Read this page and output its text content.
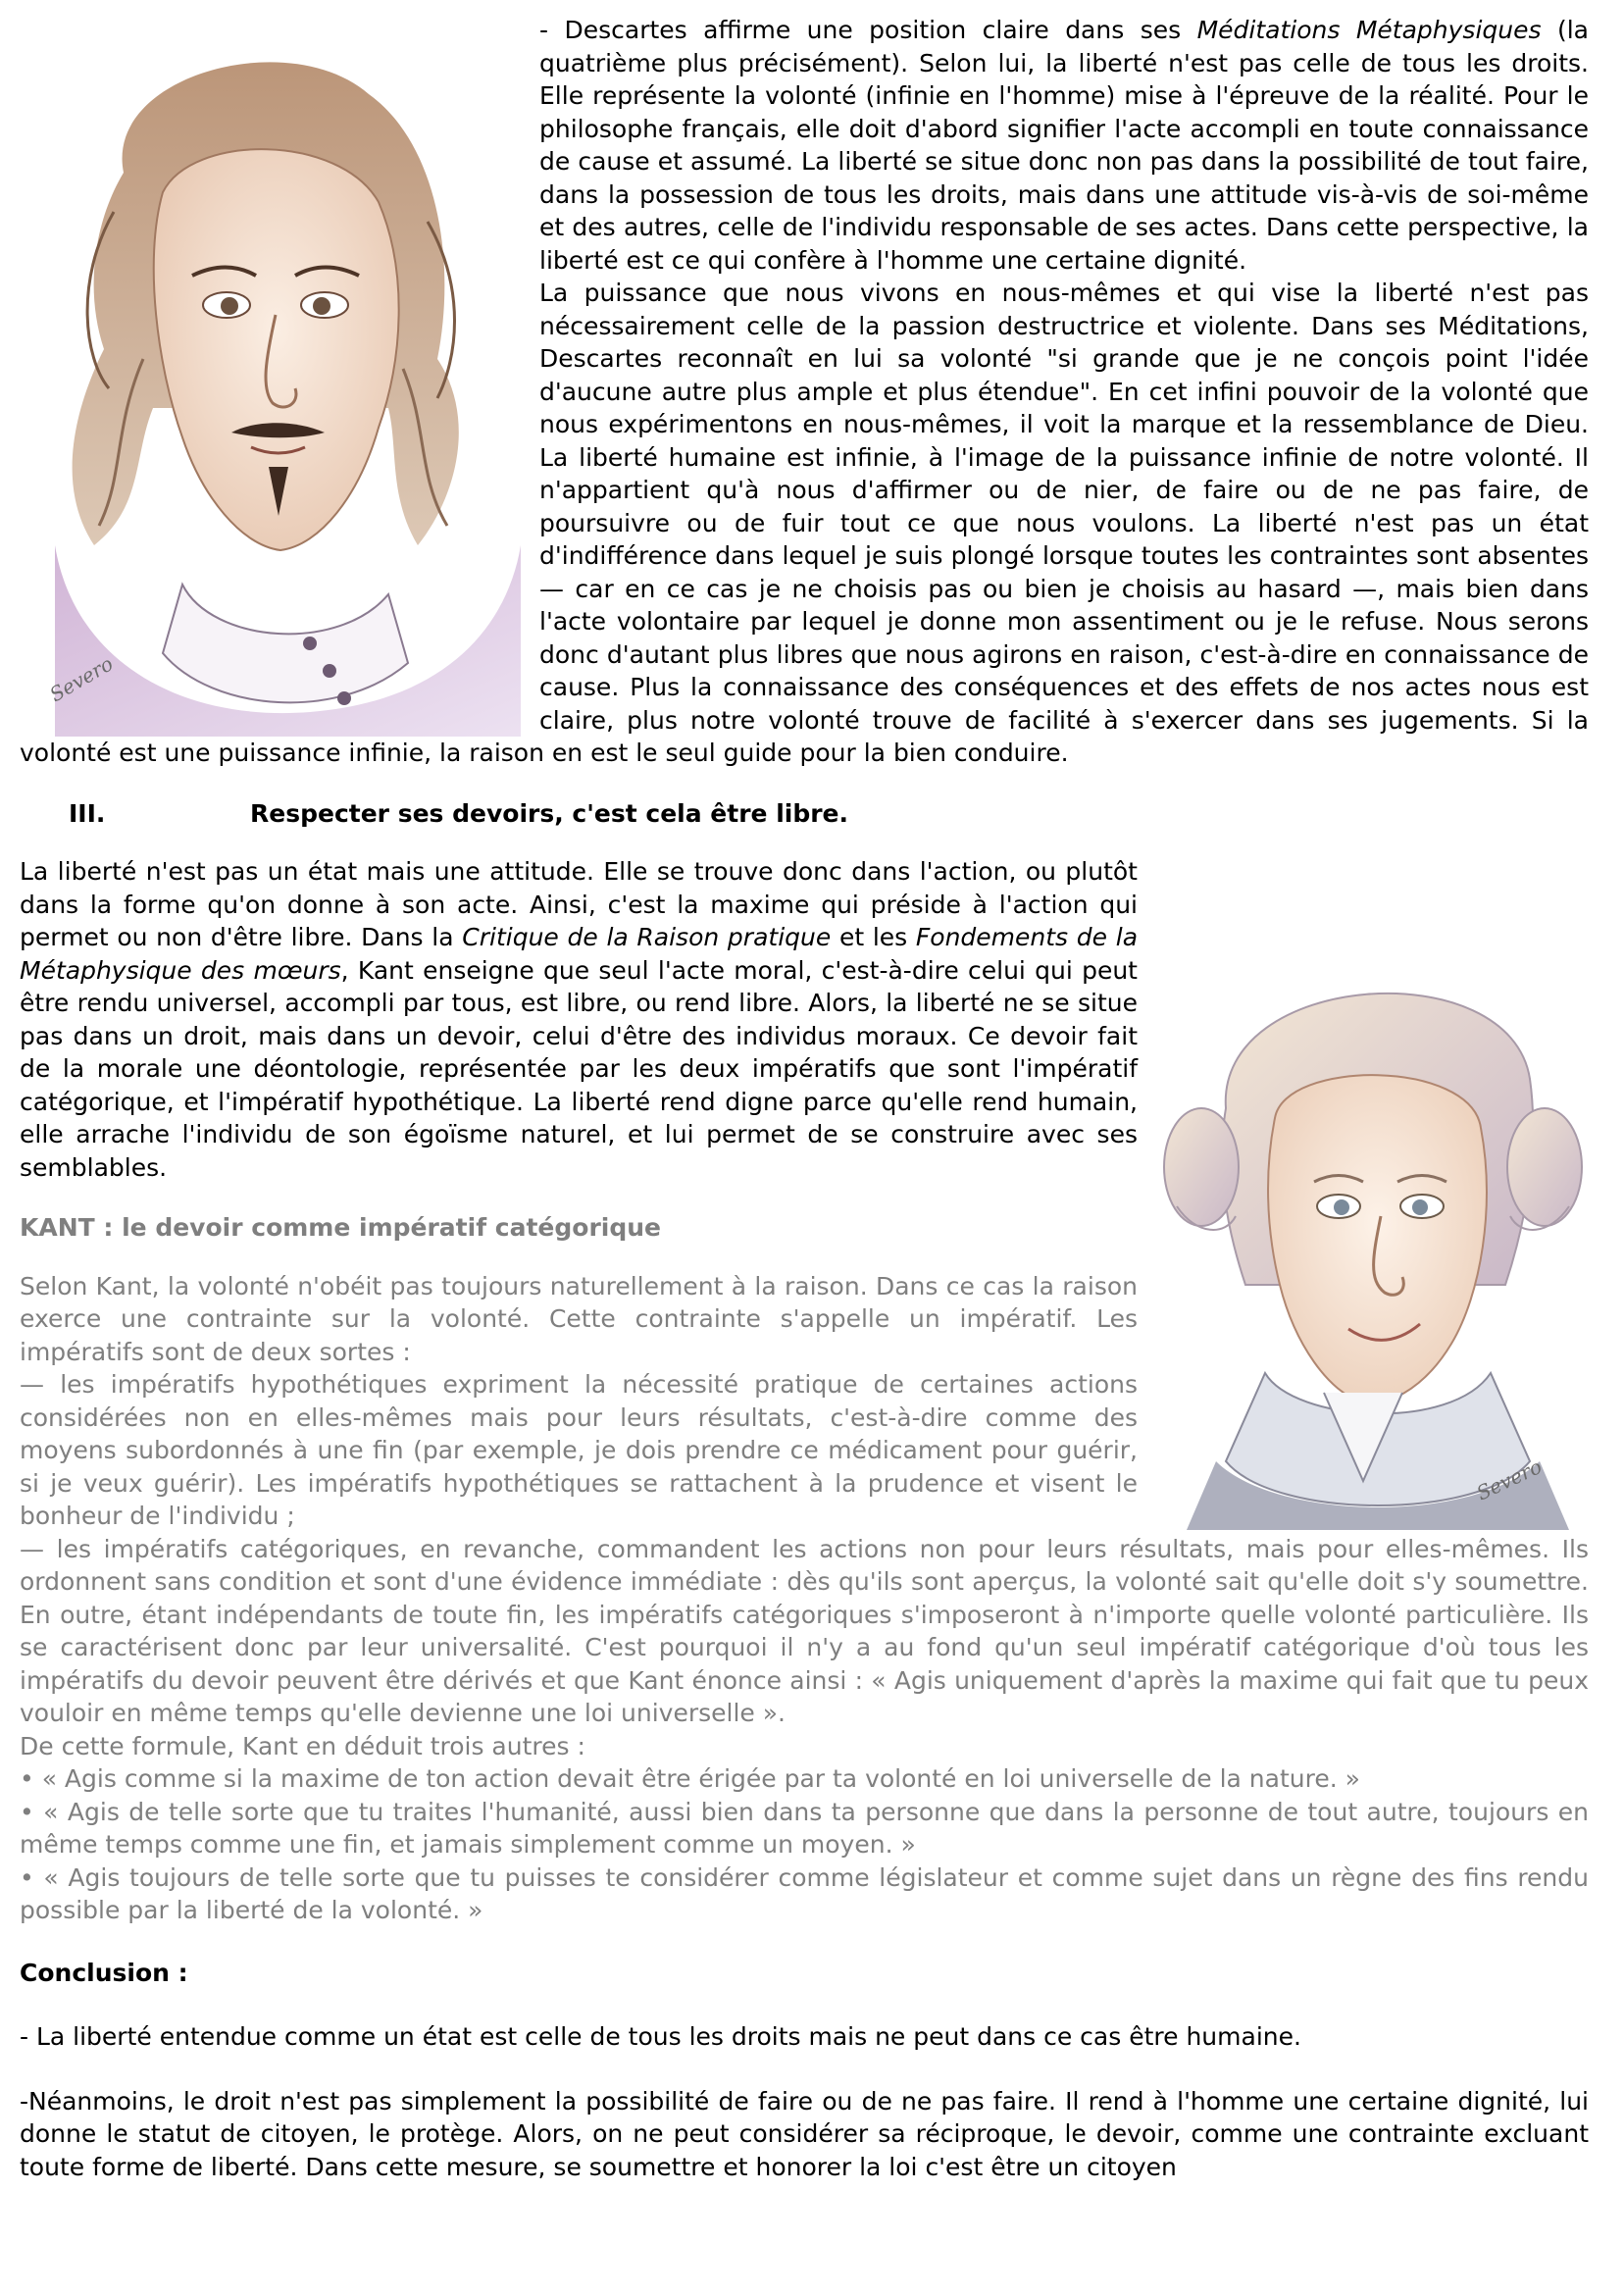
Severo

- Descartes affirme une position claire dans ses Méditations Métaphysiques (la quatrième plus précisément). Selon lui, la liberté n'est pas celle de tous les droits. Elle représente la volonté (infinie en l'homme) mise à l'épreuve de la réalité. Pour le philosophe français, elle doit d'abord signifier l'acte accompli en toute connaissance de cause et assumé. La liberté se situe donc non pas dans la possibilité de tout faire, dans la possession de tous les droits, mais dans une attitude vis-à-vis de soi-même et des autres, celle de l'individu responsable de ses actes. Dans cette perspective, la liberté est ce qui confère à l'homme une certaine dignité.

La puissance que nous vivons en nous-mêmes et qui vise la liberté n'est pas nécessairement celle de la passion destructrice et violente. Dans ses Méditations, Descartes reconnaît en lui sa volonté "si grande que je ne conçois point l'idée d'aucune autre plus ample et plus étendue". En cet infini pouvoir de la volonté que nous expérimentons en nous-mêmes, il voit la marque et la ressemblance de Dieu. La liberté humaine est infinie, à l'image de la puissance infinie de notre volonté. Il n'appartient qu'à nous d'affirmer ou de nier, de faire ou de ne pas faire, de poursuivre ou de fuir tout ce que nous voulons. La liberté n'est pas un état d'indifférence dans lequel je suis plongé lorsque toutes les contraintes sont absentes — car en ce cas je ne choisis pas ou bien je choisis au hasard —, mais bien dans l'acte volontaire par lequel je donne mon assentiment ou je le refuse. Nous serons donc d'autant plus libres que nous agirons en raison, c'est-à-dire en connaissance de cause. Plus la connaissance des conséquences et des effets de nos actes nous est claire, plus notre volonté trouve de facilité à s'exercer dans ses jugements. Si la volonté est une puissance infinie, la raison en est le seul guide pour la bien conduire.

III.	Respecter ses devoirs, c'est cela être libre.
Severo

La liberté n'est pas un état mais une attitude. Elle se trouve donc dans l'action, ou plutôt dans la forme qu'on donne à son acte. Ainsi, c'est la maxime qui préside à l'action qui permet ou non d'être libre. Dans la Critique de la Raison pratique et les Fondements de la Métaphysique des mœurs, Kant enseigne que seul l'acte moral, c'est-à-dire celui qui peut être rendu universel, accompli par tous, est libre, ou rend libre. Alors, la liberté ne se situe pas dans un droit, mais dans un devoir, celui d'être des individus moraux. Ce devoir fait de la morale une déontologie, représentée par les deux impératifs que sont l'impératif catégorique, et l'impératif hypothétique. La liberté rend digne parce qu'elle rend humain, elle arrache l'individu de son égoïsme naturel, et lui permet de se construire avec ses semblables.

KANT : le devoir comme impératif catégorique

Selon Kant, la volonté n'obéit pas toujours naturellement à la raison. Dans ce cas la raison exerce une contrainte sur la volonté. Cette contrainte s'appelle un impératif. Les impératifs sont de deux sortes :

— les impératifs hypothétiques expriment la nécessité pratique de certaines actions considérées non en elles-mêmes mais pour leurs résultats, c'est-à-dire comme des moyens subordonnés à une fin (par exemple, je dois prendre ce médicament pour guérir, si je veux guérir). Les impératifs hypothétiques se rattachent à la prudence et visent le bonheur de l'individu ;

— les impératifs catégoriques, en revanche, commandent les actions non pour leurs résultats, mais pour elles-mêmes. Ils ordonnent sans condition et sont d'une évidence immédiate : dès qu'ils sont aperçus, la volonté sait qu'elle doit s'y soumettre. En outre, étant indépendants de toute fin, les impératifs catégoriques s'imposeront à n'importe quelle volonté particulière. Ils se caractérisent donc par leur universalité. C'est pourquoi il n'y a au fond qu'un seul impératif catégorique d'où tous les impératifs du devoir peuvent être dérivés et que Kant énonce ainsi : « Agis uniquement d'après la maxime qui fait que tu peux vouloir en même temps qu'elle devienne une loi universelle ».

De cette formule, Kant en déduit trois autres :

• « Agis comme si la maxime de ton action devait être érigée par ta volonté en loi universelle de la nature. »

• « Agis de telle sorte que tu traites l'humanité, aussi bien dans ta personne que dans la personne de tout autre, toujours en même temps comme une fin, et jamais simplement comme un moyen. »

• « Agis toujours de telle sorte que tu puisses te considérer comme législateur et comme sujet dans un règne des fins rendu possible par la liberté de la volonté. »

Conclusion :

- La liberté entendue comme un état est celle de tous les droits mais ne peut dans ce cas être humaine.

-Néanmoins, le droit n'est pas simplement la possibilité de faire ou de ne pas faire. Il rend à l'homme une certaine dignité, lui donne le statut de citoyen, le protège. Alors, on ne peut considérer sa réciproque, le devoir, comme une contrainte excluant toute forme de liberté. Dans cette mesure, se soumettre et honorer la loi c'est être un citoyen
